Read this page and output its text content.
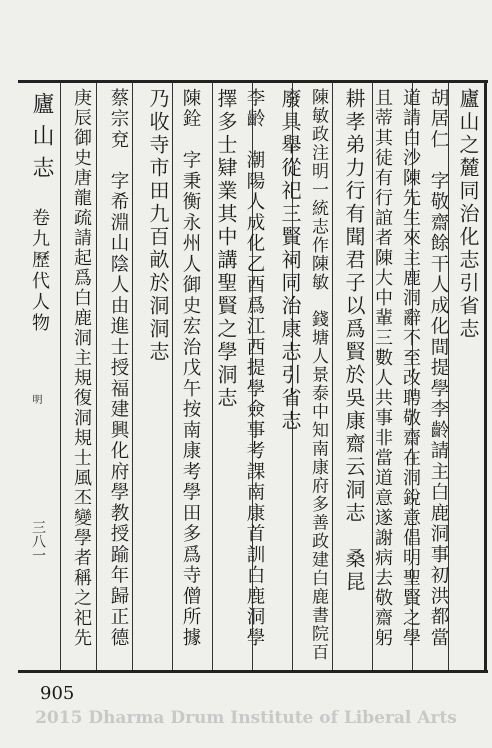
廬山志
卷九歷代人物
明
三八一
廬山之麓同治化志引省志
胡居仁　字敬齋餘干人成化間提學李齡請主白鹿洞事初洪都當
道請白沙陳先生來主鹿洞辭不至改聘敬齋在洞銳意倡明聖賢之學
且蒂其徒有行誼者陳大中輩三數人共事非當道意遂謝病去敬齋躬
耕孝弟力行有聞君子以爲賢於吳康齋云洞志　桑昆
陳敏政注明一統志作陳敏　錢塘人景泰中知南康府多善政建白鹿書院百
廢具舉從祀三賢祠同治康志引省志
李齡　潮陽人成化乙酉爲江西提學僉事考課南康首訓白鹿洞學
擇多士肄業其中講聖賢之學洞志
陳銓　字秉衡永州人御史宏治戊午按南康考學田多爲寺僧所據
乃收寺市田九百畝於洞洞志
蔡宗兗　字希淵山陰人由進士授福建興化府學教授踰年歸正德
庚辰御史唐龍疏請起爲白鹿洞主規復洞規士風丕變學者稱之祀先
905
2015 Dharma Drum Institute of Liberal Arts
